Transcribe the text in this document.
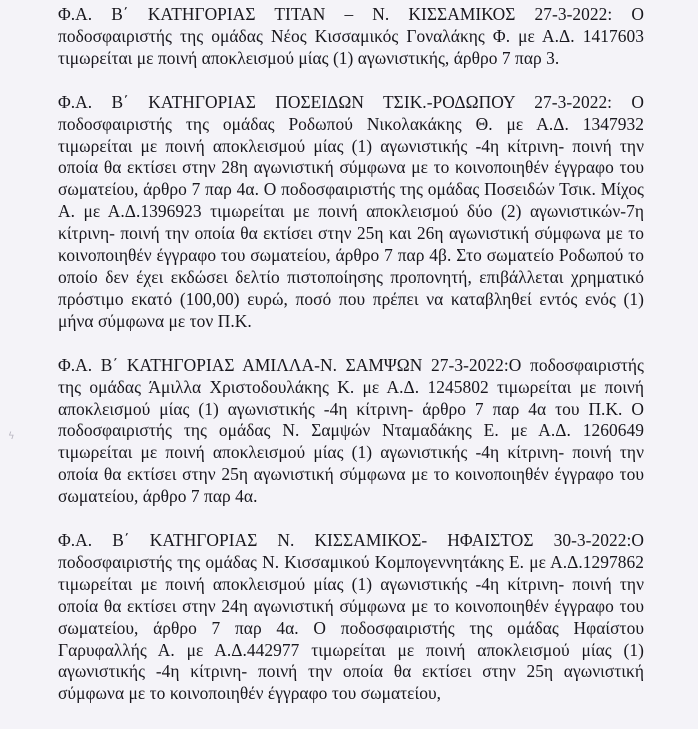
ϟ

Φ.Α. Β΄ ΚΑΤΗΓΟΡΙΑΣ ΤΙΤΑΝ – Ν. ΚΙΣΣΑΜΙΚΟΣ 27-3-2022: Ο ποδοσφαιριστής της ομάδας Νέος Κισσαμικός Γοναλάκης Φ. με Α.Δ. 1417603 τιμωρείται με ποινή αποκλεισμού μίας (1) αγωνιστικής, άρθρο 7 παρ 3.

Φ.Α. Β΄ ΚΑΤΗΓΟΡΙΑΣ ΠΟΣΕΙΔΩΝ ΤΣΙΚ.-ΡΟΔΩΠΟΥ 27-3-2022: Ο ποδοσφαιριστής της ομάδας Ροδωπού Νικολακάκης Θ. με Α.Δ. 1347932 τιμωρείται με ποινή αποκλεισμού μίας (1) αγωνιστικής -4η κίτρινη- ποινή την οποία θα εκτίσει στην 28η αγωνιστική σύμφωνα με το κοινοποιηθέν έγγραφο του σωματείου, άρθρο 7 παρ 4α. Ο ποδοσφαιριστής της ομάδας Ποσειδών Τσικ. Μίχος Α. με Α.Δ.1396923 τιμωρείται με ποινή αποκλεισμού δύο (2) αγωνιστικών-7η κίτρινη- ποινή την οποία θα εκτίσει στην 25η και 26η αγωνιστική σύμφωνα με το κοινοποιηθέν έγγραφο του σωματείου, άρθρο 7 παρ 4β. Στο σωματείο Ροδωπού το οποίο δεν έχει εκδώσει δελτίο πιστοποίησης προπονητή, επιβάλλεται χρηματικό πρόστιμο εκατό (100,00) ευρώ, ποσό που πρέπει να καταβληθεί εντός ενός (1) μήνα σύμφωνα με τον Π.Κ.

Φ.Α. Β΄ ΚΑΤΗΓΟΡΙΑΣ ΑΜΙΛΛΑ-Ν. ΣΑΜΨΩΝ 27-3-2022:Ο ποδοσφαιριστής της ομάδας Άμιλλα Χριστοδουλάκης Κ. με Α.Δ. 1245802 τιμωρείται με ποινή αποκλεισμού μίας (1) αγωνιστικής -4η κίτρινη- άρθρο 7 παρ 4α του Π.Κ. Ο ποδοσφαιριστής της ομάδας Ν. Σαμψών Νταμαδάκης Ε. με Α.Δ. 1260649 τιμωρείται με ποινή αποκλεισμού μίας (1) αγωνιστικής -4η κίτρινη- ποινή την οποία θα εκτίσει στην 25η αγωνιστική σύμφωνα με το κοινοποιηθέν έγγραφο του σωματείου, άρθρο 7 παρ 4α.

Φ.Α. Β΄ ΚΑΤΗΓΟΡΙΑΣ Ν. ΚΙΣΣΑΜΙΚΟΣ- ΗΦΑΙΣΤΟΣ 30-3-2022:Ο ποδοσφαιριστής της ομάδας Ν. Κισσαμικού Κομπογεννητάκης Ε. με Α.Δ.1297862 τιμωρείται με ποινή αποκλεισμού μίας (1) αγωνιστικής -4η κίτρινη- ποινή την οποία θα εκτίσει στην 24η αγωνιστική σύμφωνα με το κοινοποιηθέν έγγραφο του σωματείου, άρθρο 7 παρ 4α. Ο ποδοσφαιριστής της ομάδας Ηφαίστου Γαρυφαλλής Α. με Α.Δ.442977 τιμωρείται με ποινή αποκλεισμού μίας (1) αγωνιστικής -4η κίτρινη- ποινή την οποία θα εκτίσει στην 25η αγωνιστική σύμφωνα με το κοινοποιηθέν έγγραφο του σωματείου,
